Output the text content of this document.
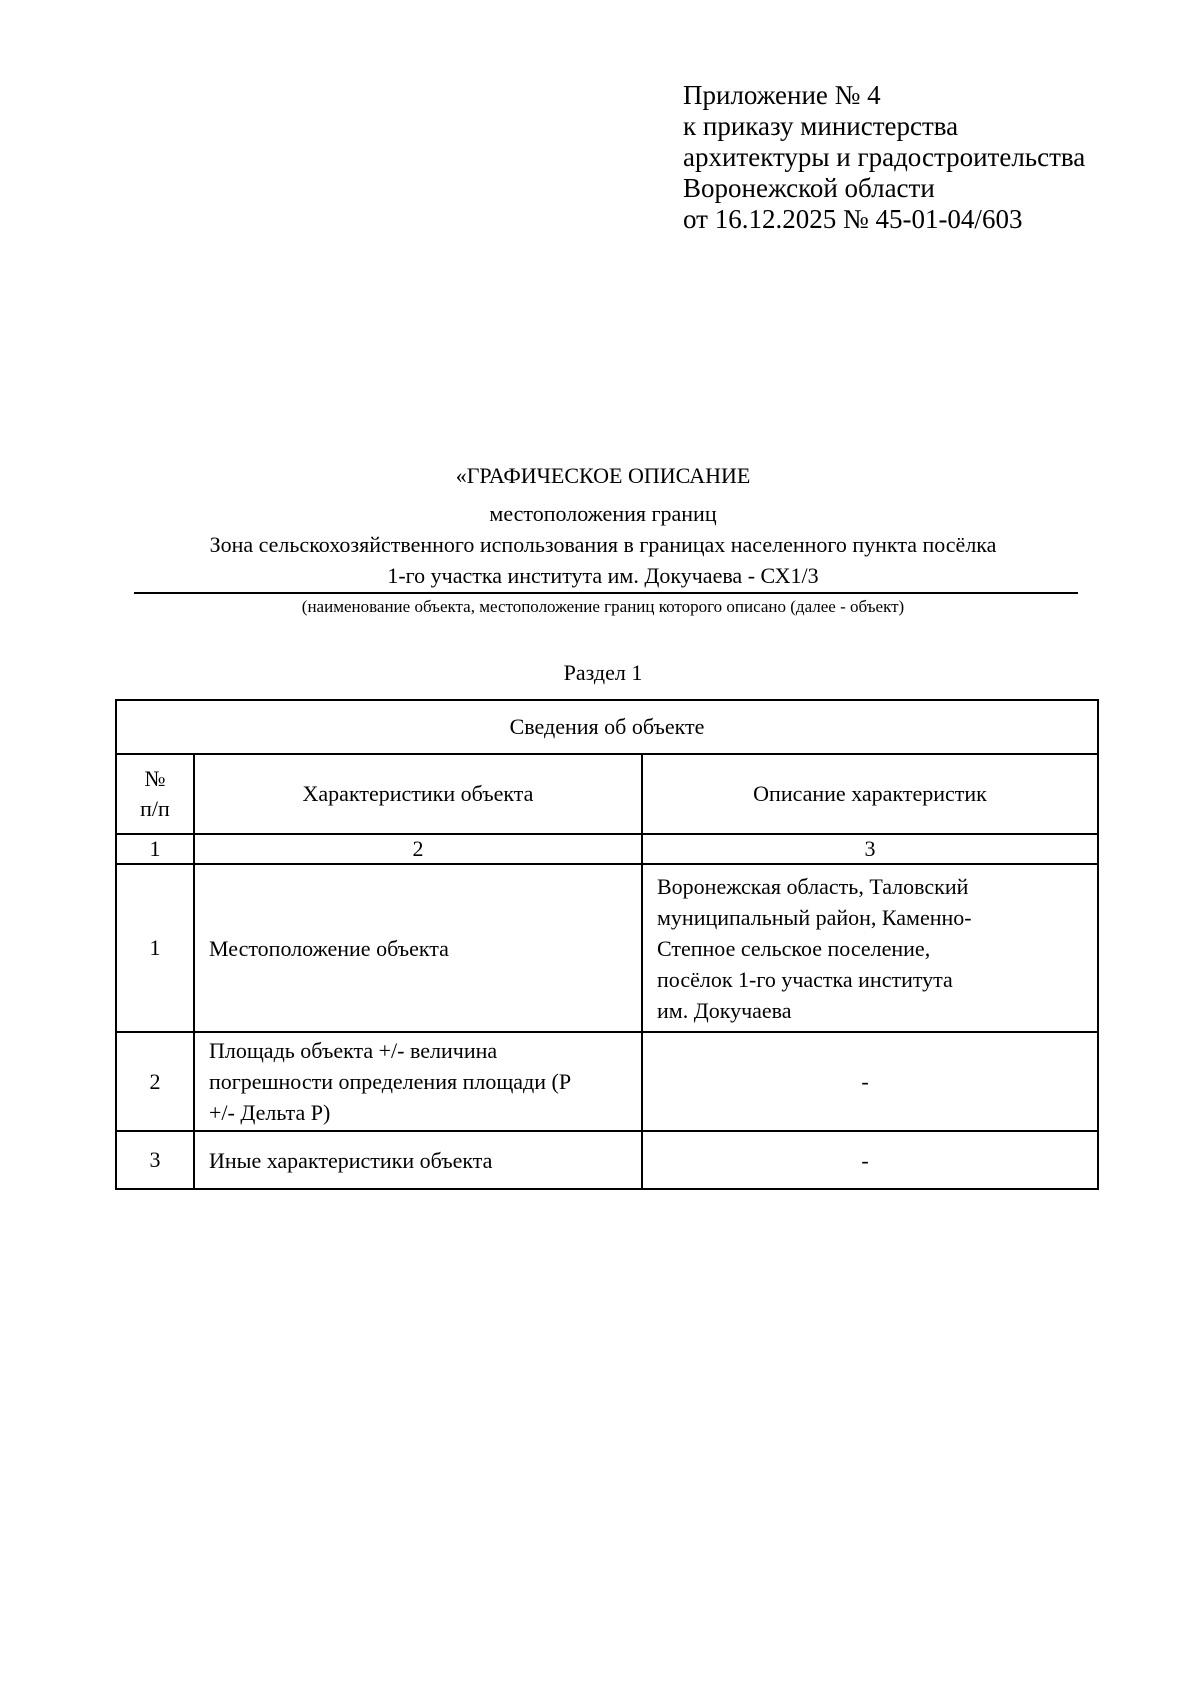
Приложение № 4
к приказу министерства
архитектуры и градостроительства
Воронежской области
от 16.12.2025 № 45-01-04/603
«ГРАФИЧЕСКОЕ ОПИСАНИЕ
местоположения границ
Зона сельскохозяйственного использования в границах населенного пункта посёлка
1-го участка института им. Докучаева - СХ1/3
(наименование объекта, местоположение границ которого описано (далее - объект)
Раздел 1
Сведения об объекте		
№
п/п	Характеристики объекта	Описание характеристик
1	2	3
1	Местоположение объекта	Воронежская область, Таловский
муниципальный район, Каменно-
Степное сельское поселение,
посёлок 1-го участка института
им. Докучаева
2	Площадь объекта +/- величина
погрешности определения площади (Р
+/- Дельта Р)	-
3	Иные характеристики объекта	-
